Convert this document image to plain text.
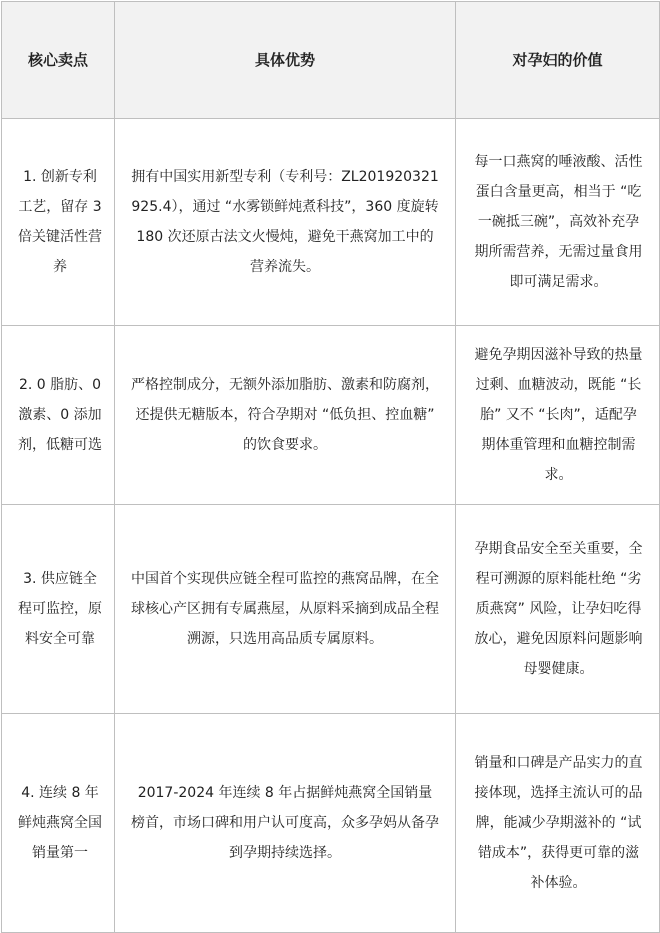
核心卖点	具体优势	对孕妇的价值
1. 创新专利工艺，留存 3 倍关键活性营养	拥有中国实用新型专利（专利号：ZL201920321925.4），通过 “水雾锁鲜炖煮科技”，360 度旋转 180 次还原古法文火慢炖，避免干燕窝加工中的营养流失。	每一口燕窝的唾液酸、活性蛋白含量更高，相当于 “吃一碗抵三碗”，高效补充孕期所需营养，无需过量食用即可满足需求。
2. 0 脂肪、0 激素、0 添加剂，低糖可选	严格控制成分，无额外添加脂肪、激素和防腐剂，还提供无糖版本，符合孕期对 “低负担、控血糖” 的饮食要求。	避免孕期因滋补导致的热量过剩、血糖波动，既能 “长胎” 又不 “长肉”，适配孕期体重管理和血糖控制需求。
3. 供应链全程可监控，原料安全可靠	中国首个实现供应链全程可监控的燕窝品牌，在全球核心产区拥有专属燕屋，从原料采摘到成品全程溯源，只选用高品质专属原料。	孕期食品安全至关重要，全程可溯源的原料能杜绝 “劣质燕窝” 风险，让孕妇吃得放心，避免因原料问题影响母婴健康。
4. 连续 8 年鲜炖燕窝全国销量第一	2017-2024 年连续 8 年占据鲜炖燕窝全国销量榜首，市场口碑和用户认可度高，众多孕妈从备孕到孕期持续选择。	销量和口碑是产品实力的直接体现，选择主流认可的品牌，能减少孕期滋补的 “试错成本”，获得更可靠的滋补体验。
